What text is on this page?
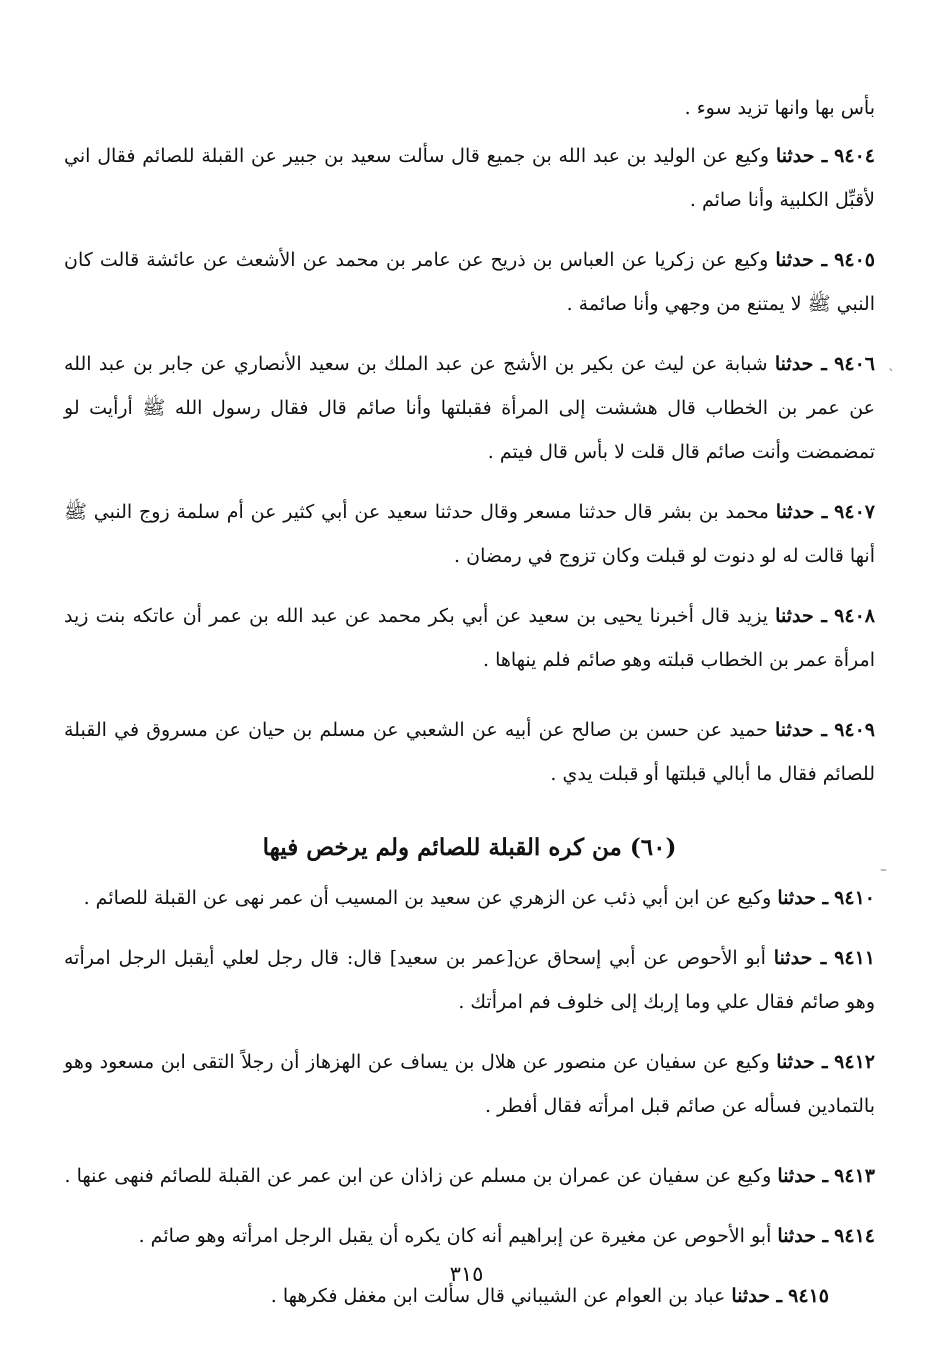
بأس بها وانها تزيد سوء .

٩٤٠٤ ـ حدثنا وكيع عن الوليد بن عبد الله بن جميع قال سألت سعيد بن جبير عن القبلة للصائم فقال اني لأقبِّل الكلبية وأنا صائم .

٩٤٠٥ ـ حدثنا وكيع عن زكريا عن العباس بن ذريح عن عامر بن محمد عن الأشعث عن عائشة قالت كان النبي ﷺ لا يمتنع من وجهي وأنا صائمة .

٩٤٠٦ ـ حدثنا شبابة عن ليث عن بكير بن الأشج عن عبد الملك بن سعيد الأنصاري عن جابر بن عبد الله عن عمر بن الخطاب قال هششت إلى المرأة فقبلتها وأنا صائم قال فقال رسول الله ﷺ أرأيت لو تمضمضت وأنت صائم قال قلت لا بأس قال فيتم .

٩٤٠٧ ـ حدثنا محمد بن بشر قال حدثنا مسعر وقال حدثنا سعيد عن أبي كثير عن أم سلمة زوج النبي ﷺ أنها قالت له لو دنوت لو قبلت وكان تزوج في رمضان .

٩٤٠٨ ـ حدثنا يزيد قال أخبرنا يحيى بن سعيد عن أبي بكر محمد عن عبد الله بن عمر أن عاتكه بنت زيد امرأة عمر بن الخطاب قبلته وهو صائم فلم ينهاها .

٩٤٠٩ ـ حدثنا حميد عن حسن بن صالح عن أبيه عن الشعبي عن مسلم بن حيان عن مسروق في القبلة للصائم فقال ما أبالي قبلتها أو قبلت يدي .

(٦٠) من كره القبلة للصائم ولم يرخص فيها

٩٤١٠ ـ حدثنا وكيع عن ابن أبي ذئب عن الزهري عن سعيد بن المسيب أن عمر نهى عن القبلة للصائم .

٩٤١١ ـ حدثنا أبو الأحوص عن أبي إسحاق عن[عمر بن سعيد] قال: قال رجل لعلي أيقبل الرجل امرأته وهو صائم فقال علي وما إربك إلى خلوف فم امرأتك .

٩٤١٢ ـ حدثنا وكيع عن سفيان عن منصور عن هلال بن يساف عن الهزهاز أن رجلاً التقى ابن مسعود وهو بالتمادين فسأله عن صائم قبل امرأته فقال أفطر .

٩٤١٣ ـ حدثنا وكيع عن سفيان عن عمران بن مسلم عن زاذان عن ابن عمر عن القبلة للصائم فنهى عنها .

٩٤١٤ ـ حدثنا أبو الأحوص عن مغيرة عن إبراهيم أنه كان يكره أن يقبل الرجل امرأته وهو صائم .

٩٤١٥ ـ حدثنا عباد بن العوام عن الشيباني قال سألت ابن مغفل فكرهها .

٣١٥
ˋ
–
